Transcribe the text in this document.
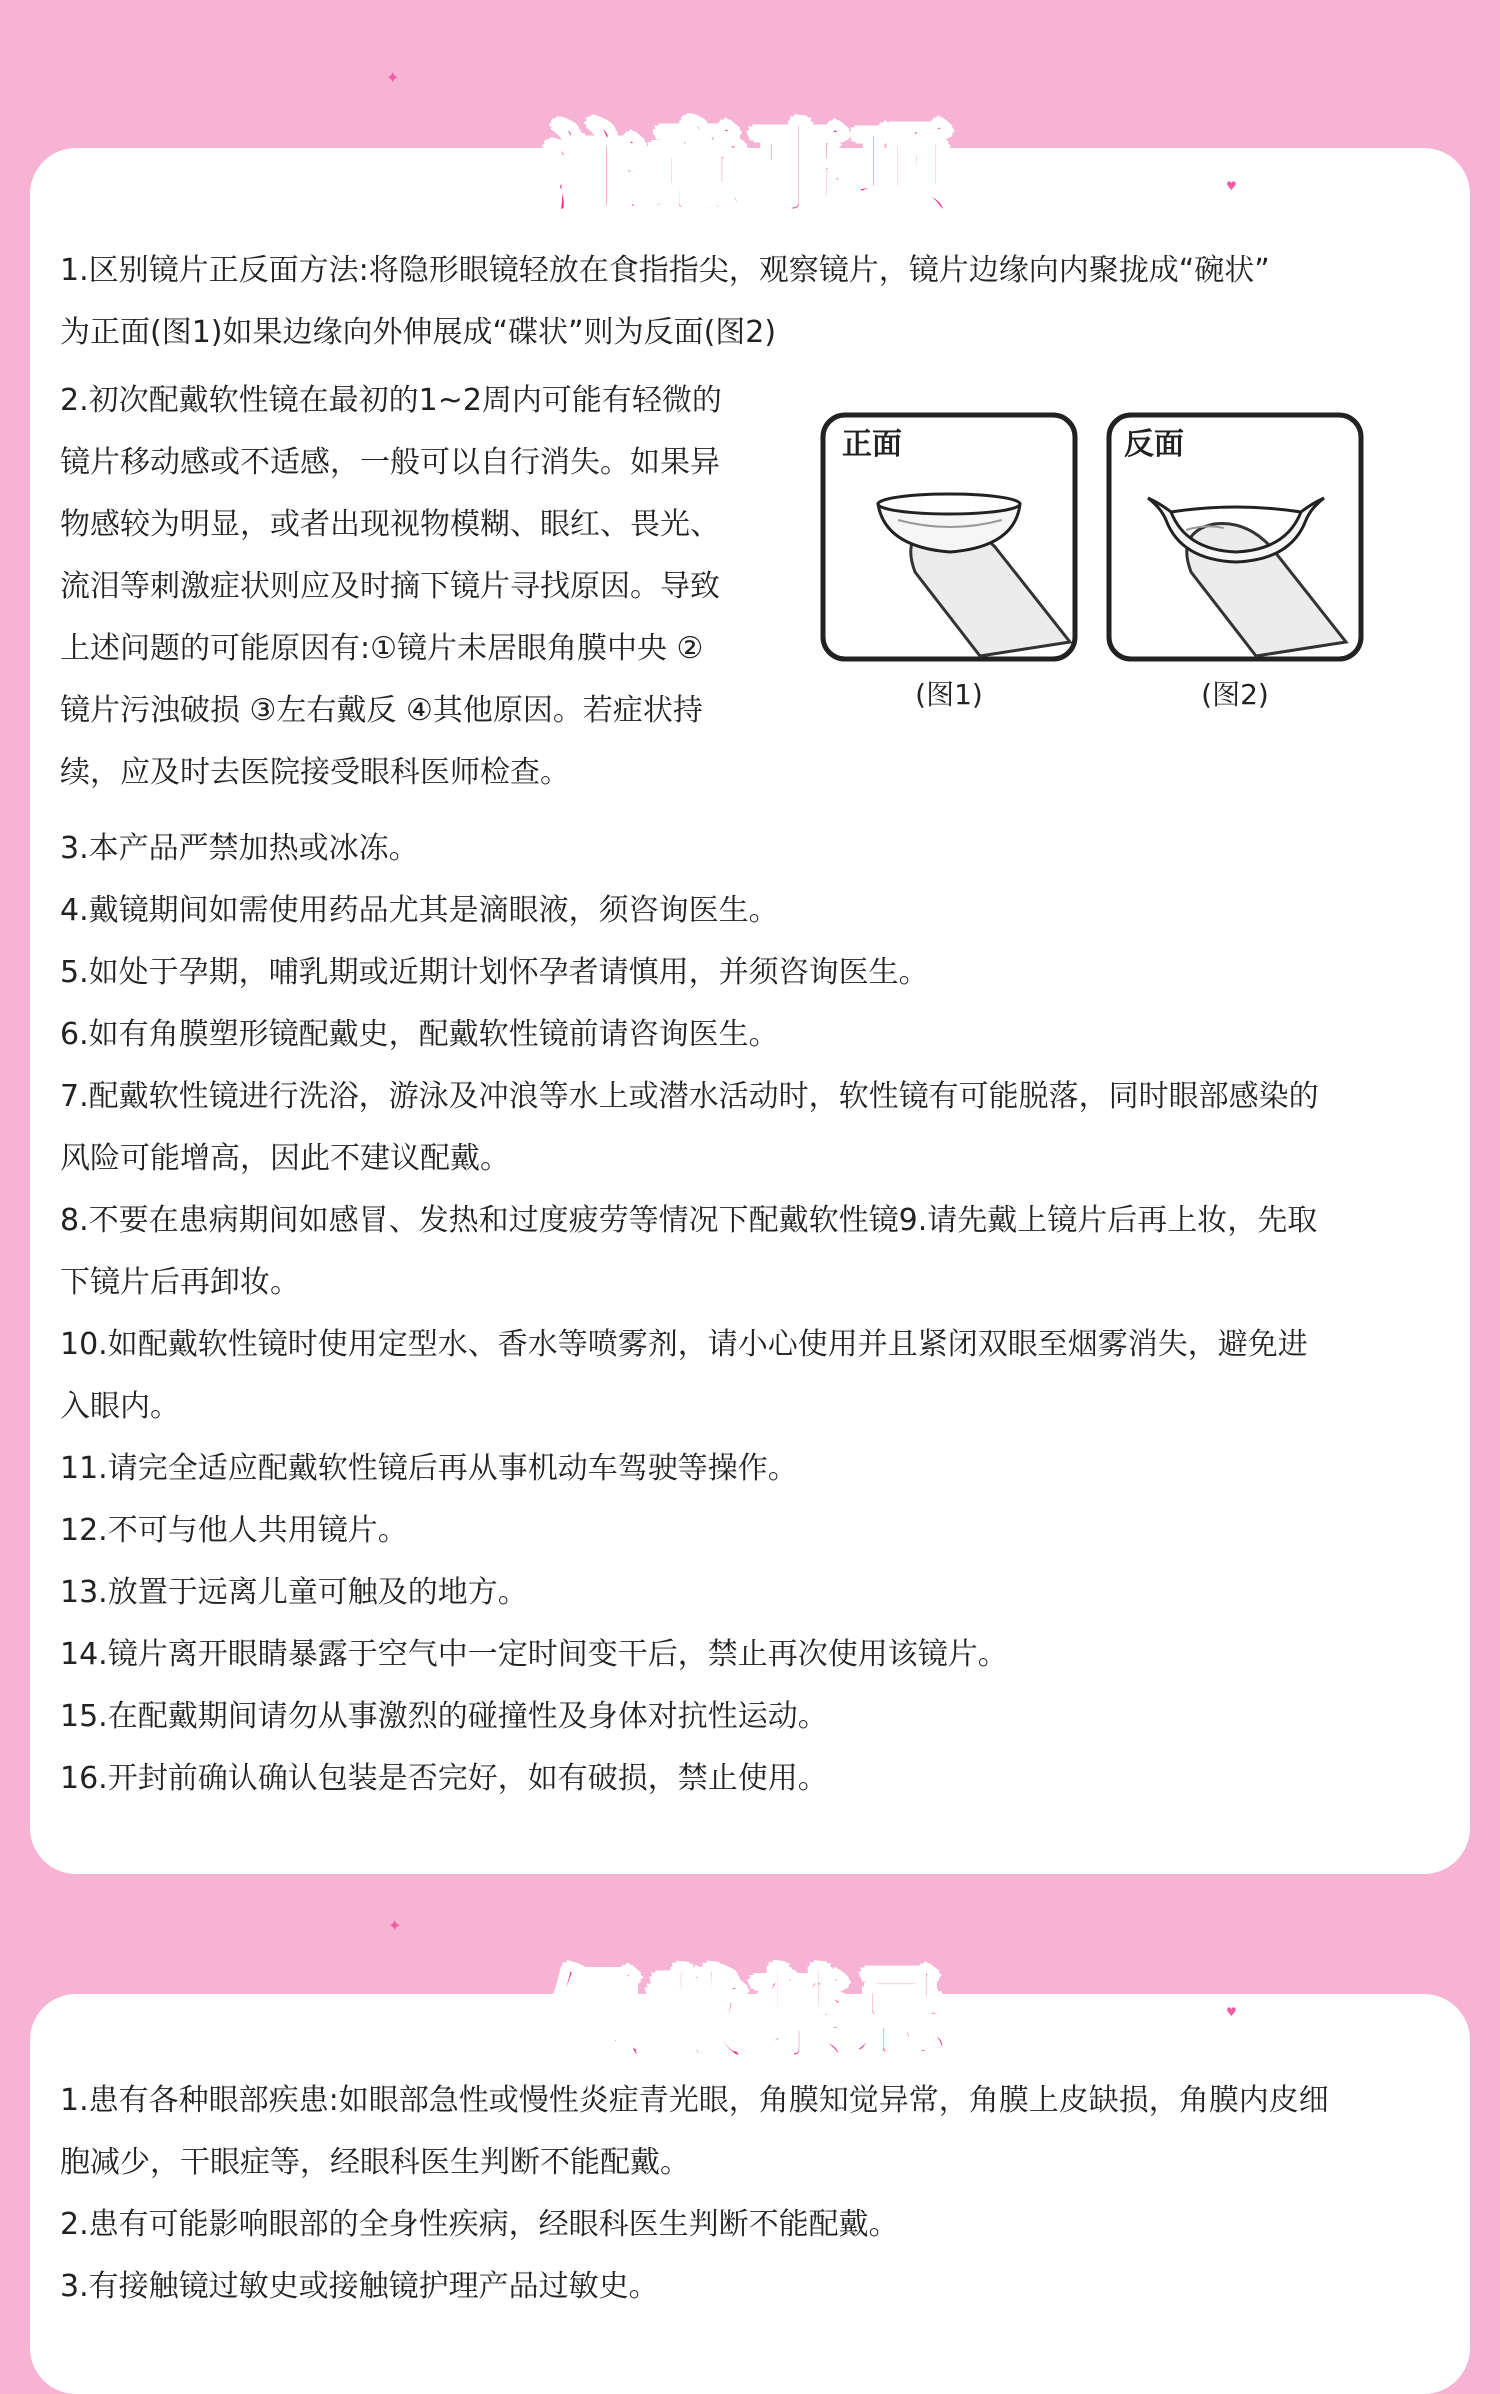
注意事项
✦
♥

1.区别镜片正反面方法:将隐形眼镜轻放在食指指尖，观察镜片，镜片边缘向内聚拢成“碗状”

为正面(图1)如果边缘向外伸展成“碟状”则为反面(图2)

2.初次配戴软性镜在最初的1~2周内可能有轻微的

镜片移动感或不适感，一般可以自行消失。如果异

物感较为明显，或者出现视物模糊、眼红、畏光、

流泪等刺激症状则应及时摘下镜片寻找原因。导致

上述问题的可能原因有:①镜片未居眼角膜中央 ②

镜片污浊破损 ③左右戴反 ④其他原因。若症状持

续，应及时去医院接受眼科医师检查。

正面
(图1)
反面
(图2)

3.本产品严禁加热或冰冻。

4.戴镜期间如需使用药品尤其是滴眼液，须咨询医生。

5.如处于孕期，哺乳期或近期计划怀孕者请慎用，并须咨询医生。

6.如有角膜塑形镜配戴史，配戴软性镜前请咨询医生。

7.配戴软性镜进行洗浴，游泳及冲浪等水上或潜水活动时，软性镜有可能脱落，同时眼部感染的

风险可能增高，因此不建议配戴。

8.不要在患病期间如感冒、发热和过度疲劳等情况下配戴软性镜9.请先戴上镜片后再上妆，先取

下镜片后再卸妆。

10.如配戴软性镜时使用定型水、香水等喷雾剂，请小心使用并且紧闭双眼至烟雾消失，避免进

入眼内。

11.请完全适应配戴软性镜后再从事机动车驾驶等操作。

12.不可与他人共用镜片。

13.放置于远离儿童可触及的地方。

14.镜片离开眼睛暴露于空气中一定时间变干后，禁止再次使用该镜片。

15.在配戴期间请勿从事激烈的碰撞性及身体对抗性运动。

16.开封前确认确认包装是否完好，如有破损，禁止使用。

佩戴禁忌
✦
♥

1.患有各种眼部疾患:如眼部急性或慢性炎症青光眼，角膜知觉异常，角膜上皮缺损，角膜内皮细

胞减少，干眼症等，经眼科医生判断不能配戴。

2.患有可能影响眼部的全身性疾病，经眼科医生判断不能配戴。

3.有接触镜过敏史或接触镜护理产品过敏史。
